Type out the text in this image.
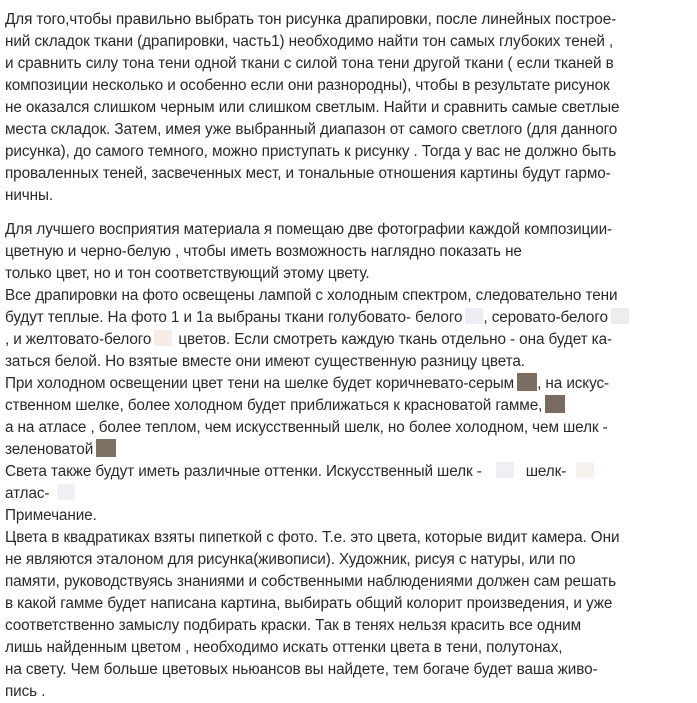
Для того,чтобы правильно выбрать тон рисунка драпировки, после линейных построе-
ний складок ткани (драпировки, часть1) необходимо найти тон самых глубоких теней ,
и сравнить силу тона тени одной ткани с силой тона тени другой ткани ( если тканей в
композиции несколько и особенно если они разнородны), чтобы в результате рисунок
не оказался слишком черным или слишком светлым. Найти и сравнить самые светлые
места складок. Затем, имея уже выбранный диапазон от самого светлого (для данного
рисунка), до самого темного, можно приступать к рисунку . Тогда у вас не должно быть
проваленных теней, засвеченных мест, и тональные отношения картины будут гармо-
ничны.
Для лучшего восприятия материала я помещаю две фотографии каждой композиции-
цветную и черно-белую , чтобы иметь возможность наглядно показать не
только цвет, но и тон соответствующий этому цвету.
Все драпировки на фото освещены лампой с холодным спектром, следовательно тени
будут теплые. На фото 1 и 1а выбраны ткани голубовато- белого , серовато-белого
, и желтовато-белого цветов. Если смотреть каждую ткань отдельно - она будет ка-
заться белой. Но взятые вместе они имеют существенную разницу цвета.
При холодном освещении цвет тени на шелке будет коричневато-серым , на искус-
ственном шелке, более холодном будет приближаться к красноватой гамме,
а на атласе , более теплом, чем искусственный шелк, но более холодном, чем шелк -
зеленоватой
Света также будут иметь различные оттенки. Искусственный шелк -	шелк-
атлас-
Примечание.
Цвета в квадратиках взяты пипеткой с фото. Т.е. это цвета, которые видит камера. Они
не являются эталоном для рисунка(живописи). Художник, рисуя с натуры, или по
памяти, руководствуясь знаниями и собственными наблюдениями должен сам решать
в какой гамме будет написана картина, выбирать общий колорит произведения, и уже
соответственно замыслу подбирать краски. Так в тенях нельзя красить все одним
лишь найденным цветом , необходимо искать оттенки цвета в тени, полутонах,
на свету. Чем больше цветовых ньюансов вы найдете, тем богаче будет ваша живо-
пись .
